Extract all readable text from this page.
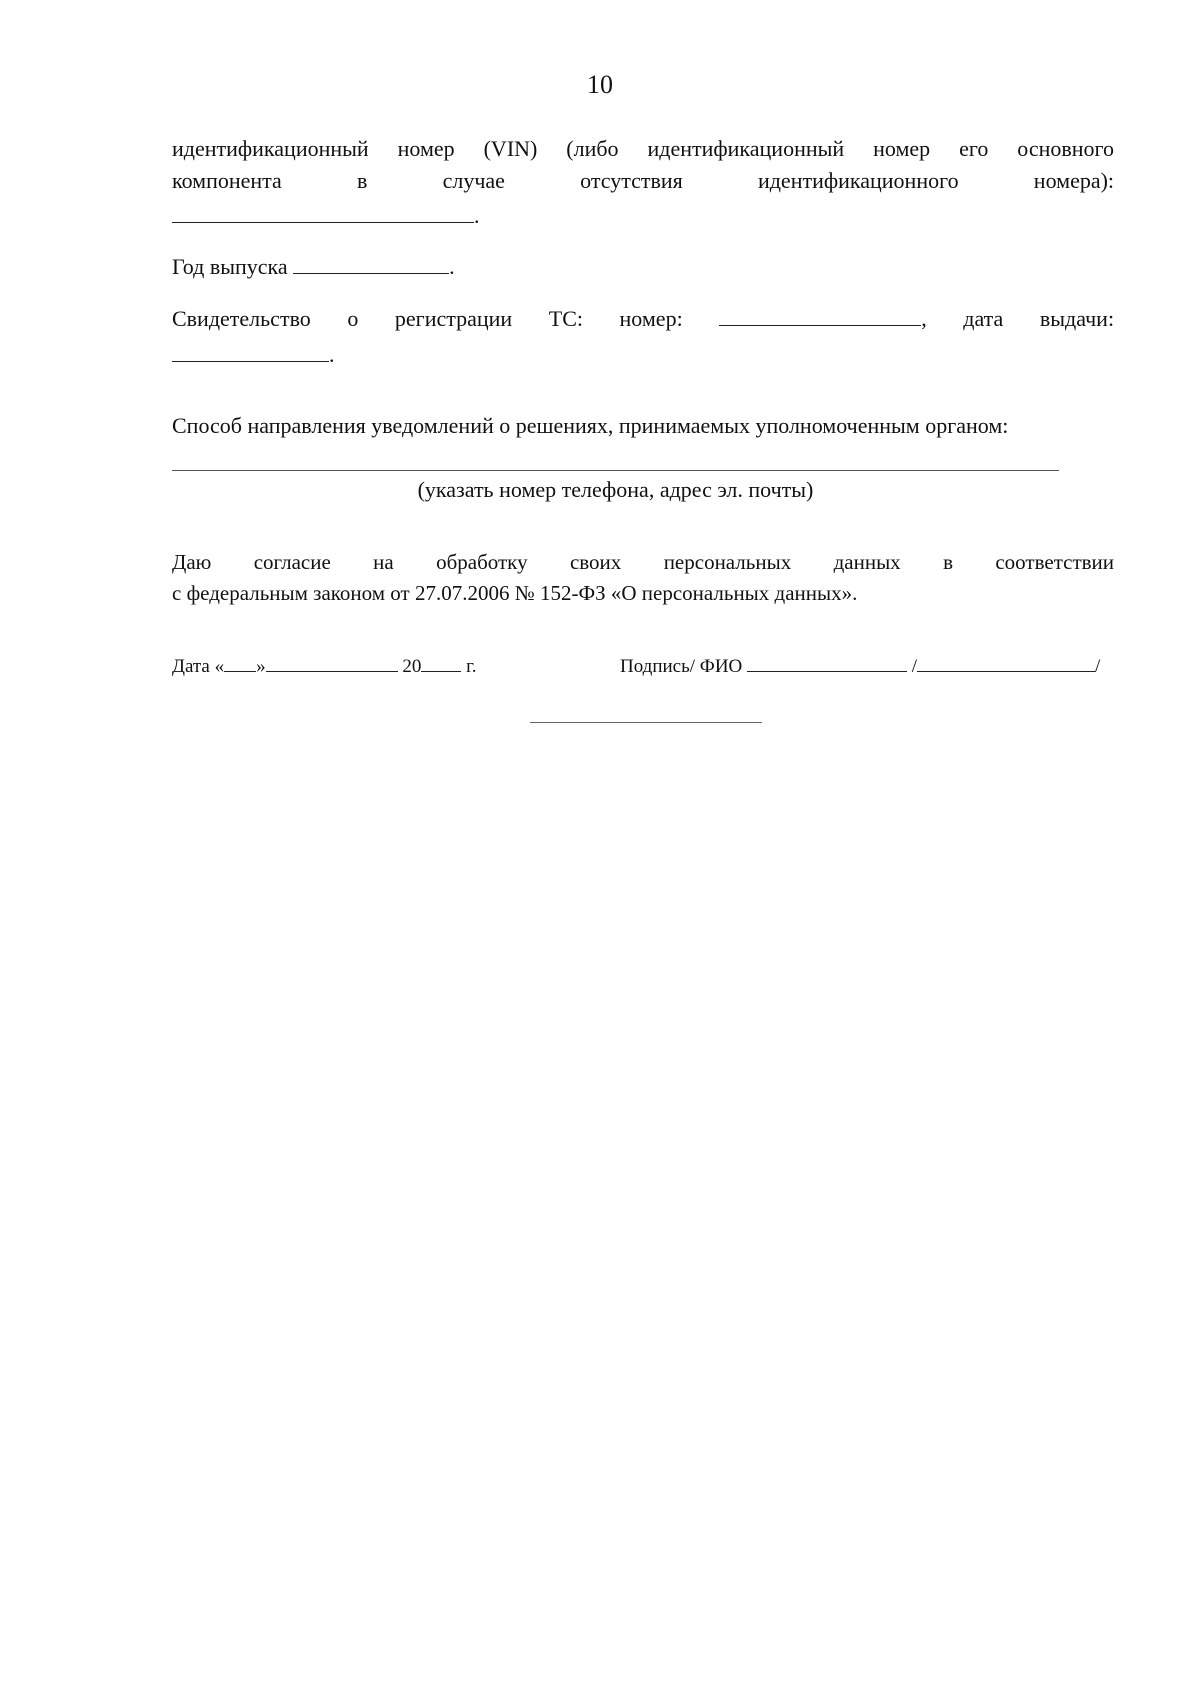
10
идентификационный номер (VIN) (либо идентификационный номер его основного
компонента	в	случае	отсутствия	идентификационного	номера):
.
Год выпуска	.
Свидетельство о регистрации ТС: номер:	, дата выдачи:
.
Способ направления уведомлений о решениях, принимаемых уполномоченным органом:
(указать номер телефона, адрес эл. почты)
Даю согласие на обработку своих персональных данных в соответствии
с федеральным законом от 27.07.2006 № 152-ФЗ «О персональных данных».
Дата « »	20 г.	Подпись/ ФИО	/	/
